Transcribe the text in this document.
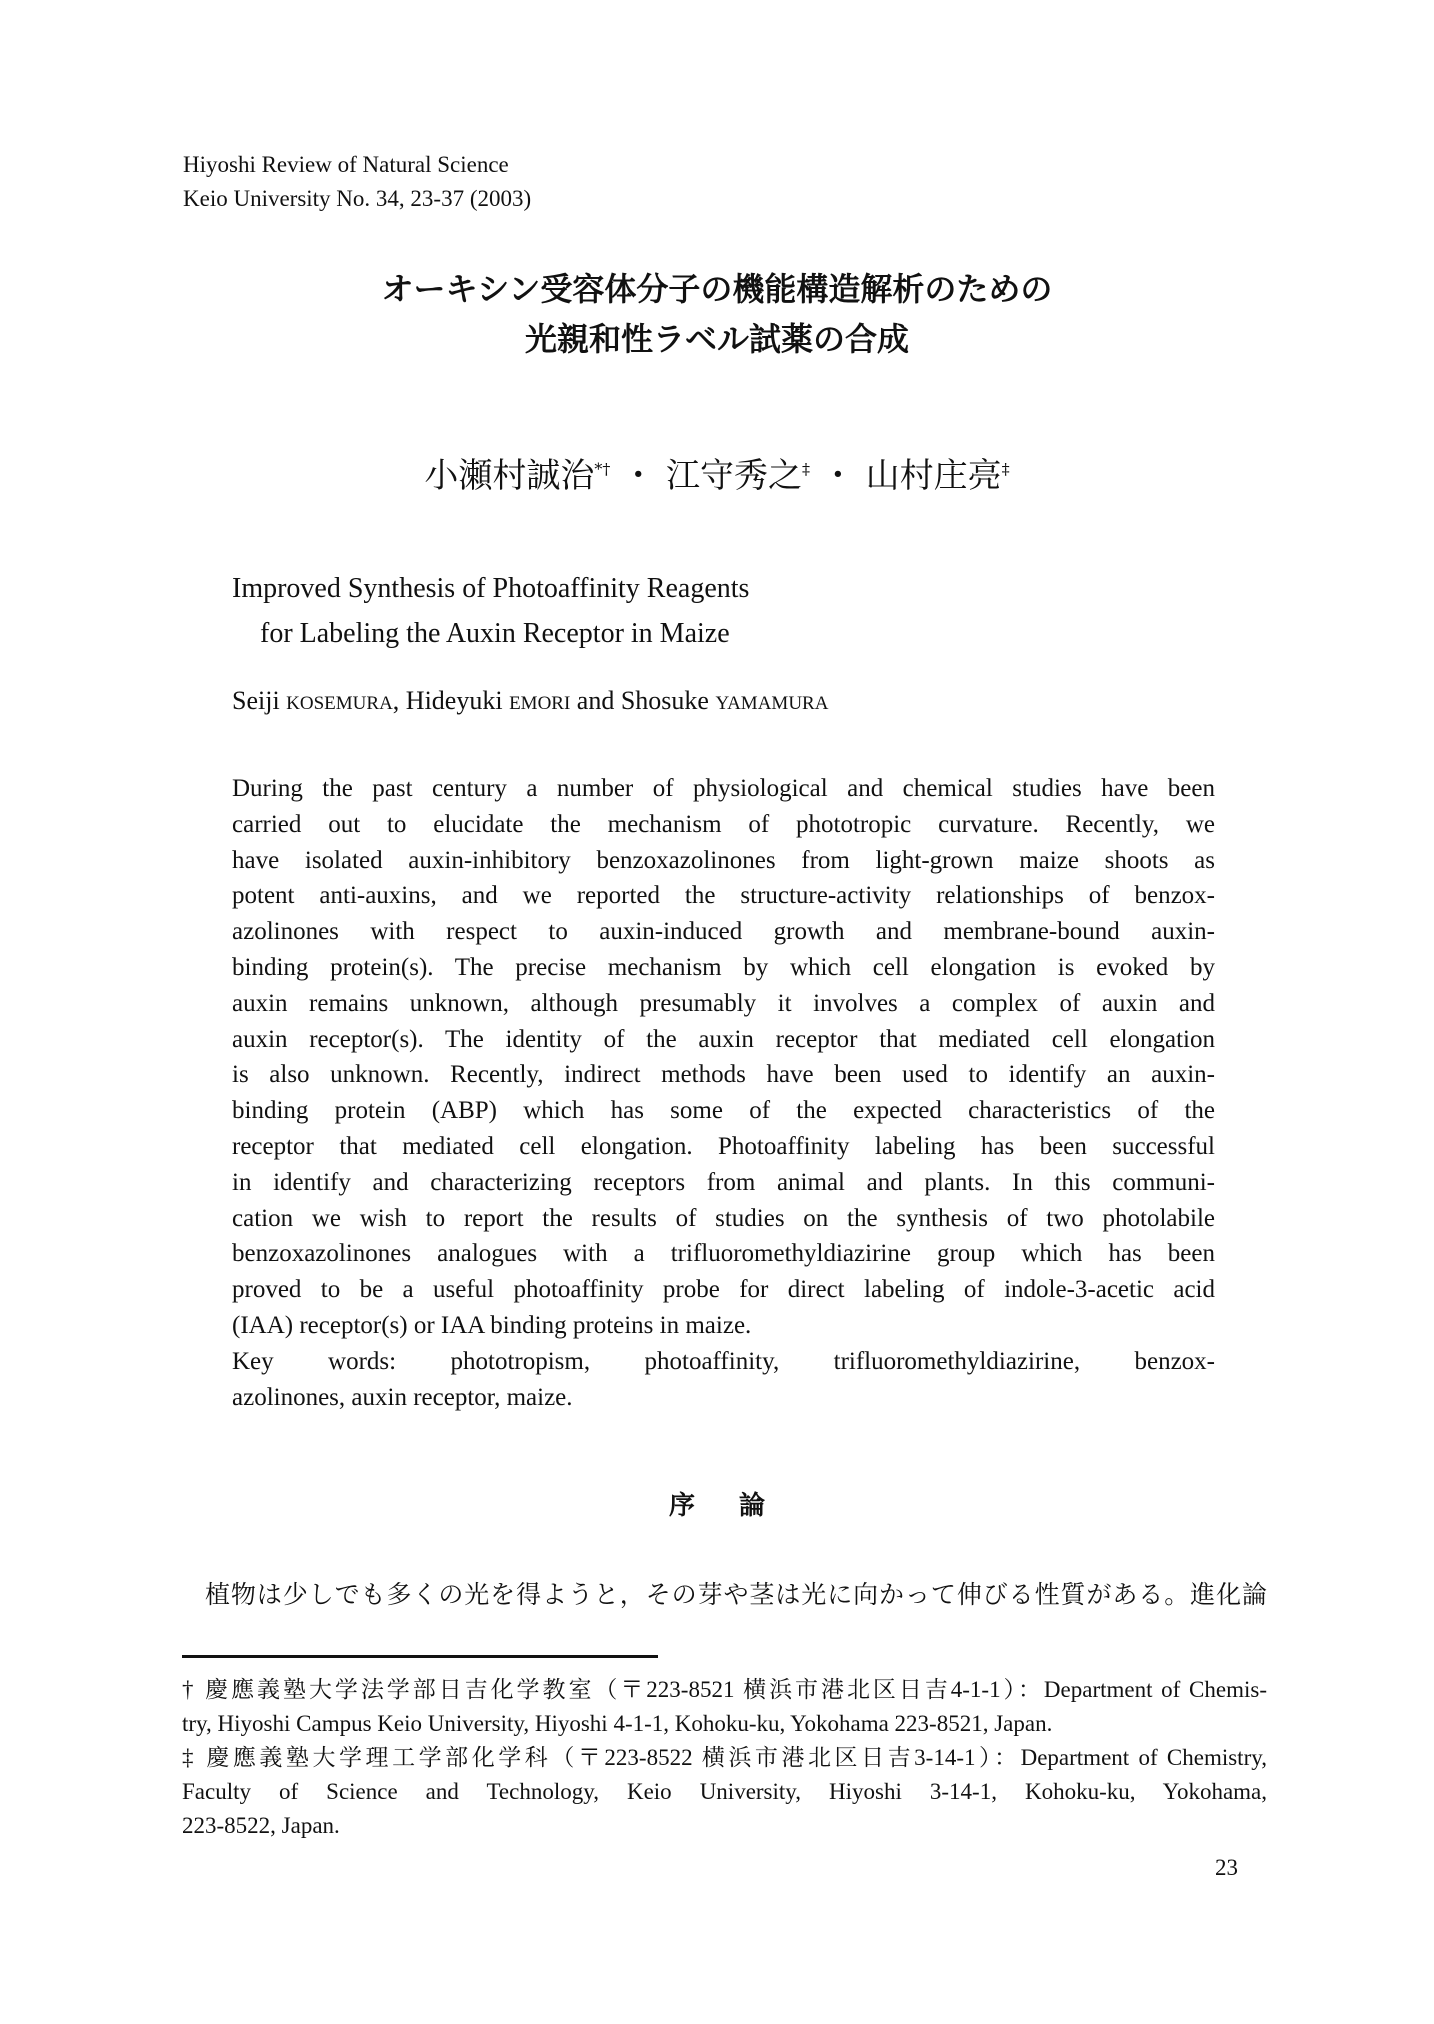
Hiyoshi Review of Natural Science
Keio University No. 34, 23-37 (2003)
オーキシン受容体分子の機能構造解析のための
光親和性ラベル試薬の合成
小瀬村誠治*† ・ 江守秀之‡ ・ 山村庄亮‡
Improved Synthesis of Photoaffinity Reagents
for Labeling the Auxin Receptor in Maize
Seiji KOSEMURA, Hideyuki EMORI and Shosuke YAMAMURA
During the past century a number of physiological and chemical studies have been
carried out to elucidate the mechanism of phototropic curvature. Recently, we
have isolated auxin-inhibitory benzoxazolinones from light-grown maize shoots as
potent anti-auxins, and we reported the structure-activity relationships of benzox-
azolinones with respect to auxin-induced growth and membrane-bound auxin-
binding protein(s). The precise mechanism by which cell elongation is evoked by
auxin remains unknown, although presumably it involves a complex of auxin and
auxin receptor(s). The identity of the auxin receptor that mediated cell elongation
is also unknown. Recently, indirect methods have been used to identify an auxin-
binding protein (ABP) which has some of the expected characteristics of the
receptor that mediated cell elongation. Photoaffinity labeling has been successful
in identify and characterizing receptors from animal and plants. In this communi-
cation we wish to report the results of studies on the synthesis of two photolabile
benzoxazolinones analogues with a trifluoromethyldiazirine group which has been
proved to be a useful photoaffinity probe for direct labeling of indole-3-acetic acid
(IAA) receptor(s) or IAA binding proteins in maize.
Key words: phototropism, photoaffinity, trifluoromethyldiazirine, benzox-
azolinones, auxin receptor, maize.
序論
植物は少しでも多くの光を得ようと，その芽や茎は光に向かって伸びる性質がある。進化論
† 慶應義塾大学法学部日吉化学教室（〒223-8521 横浜市港北区日吉4-1-1）：Department of Chemis-
try, Hiyoshi Campus Keio University, Hiyoshi 4-1-1, Kohoku-ku, Yokohama 223-8521, Japan.
‡ 慶應義塾大学理工学部化学科（〒223-8522 横浜市港北区日吉3-14-1）：Department of Chemistry,
Faculty of Science and Technology, Keio University, Hiyoshi 3-14-1, Kohoku-ku, Yokohama,
223-8522, Japan.
23
